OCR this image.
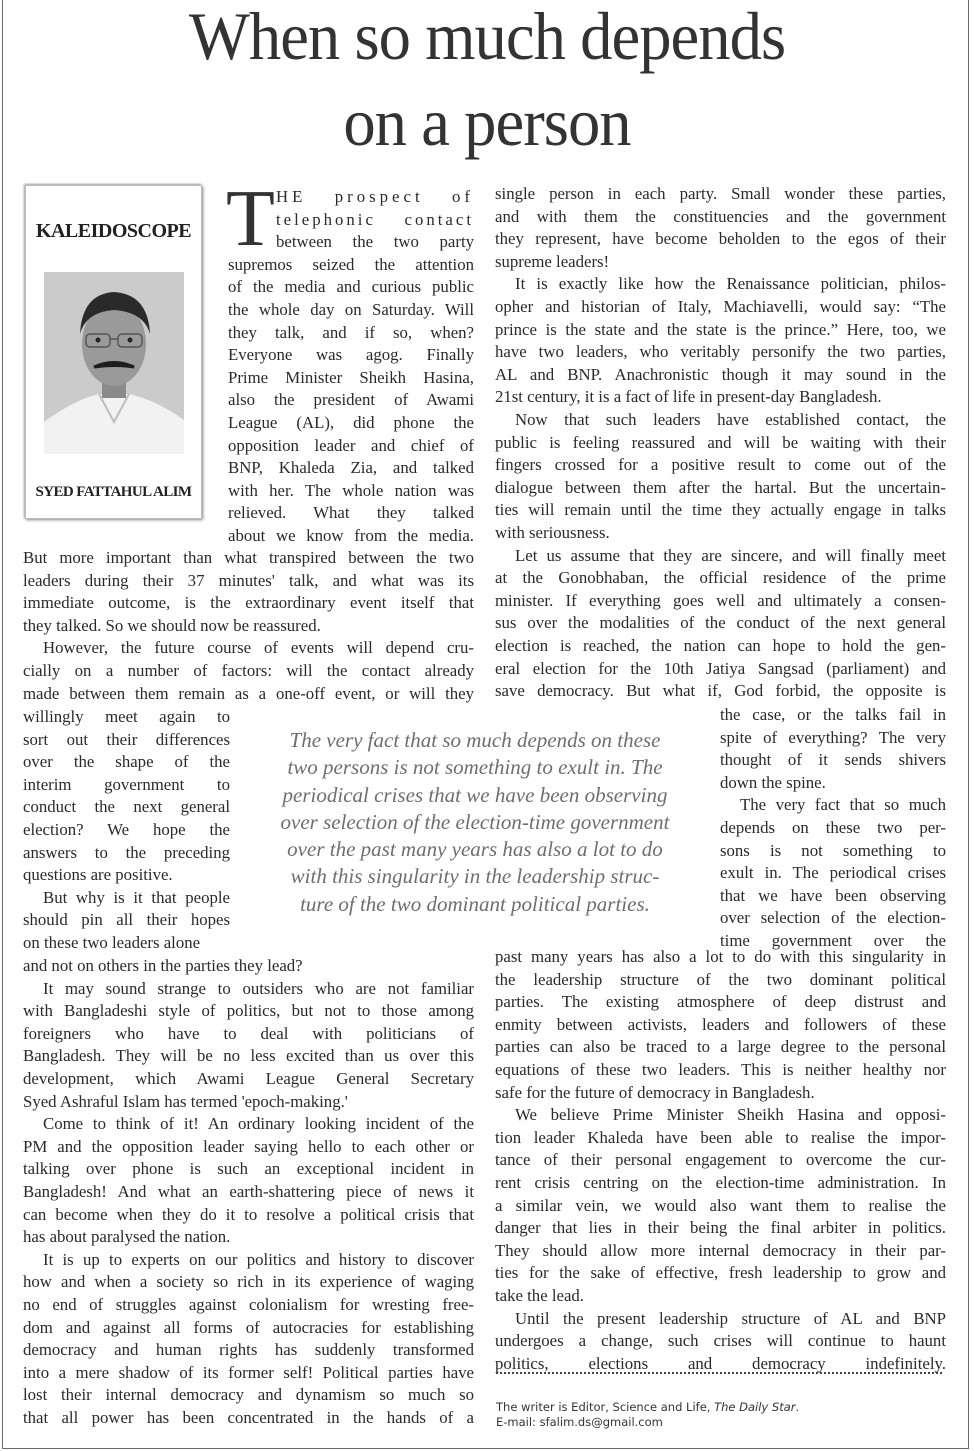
When so much depends
on a person
KALEIDOSCOPE
SYED FATTAHUL ALIM
T HE prospect of
telephonic contact
between the two party
supremos seized the attention
of the media and curious public
the whole day on Saturday. Will
they talk, and if so, when?
Everyone was agog. Finally
Prime Minister Sheikh Hasina,
also the president of Awami
League (AL), did phone the
opposition leader and chief of
BNP, Khaleda Zia, and talked
with her. The whole nation was
relieved. What they talked
about we know from the media.
But more important than what transpired between the two
leaders during their 37 minutes' talk, and what was its
immediate outcome, is the extraordinary event itself that
they talked. So we should now be reassured.
However, the future course of events will depend cru-
cially on a number of factors: will the contact already
made between them remain as a one-off event, or will they
willingly meet again to
sort out their differences
over the shape of the
interim government to
conduct the next general
election? We hope the
answers to the preceding
questions are positive.
But why is it that people
should pin all their hopes
on these two leaders alone
and not on others in the parties they lead?
It may sound strange to outsiders who are not familiar
with Bangladeshi style of politics, but not to those among
foreigners who have to deal with politicians of
Bangladesh. They will be no less excited than us over this
development, which Awami League General Secretary
Syed Ashraful Islam has termed 'epoch-making.'
Come to think of it! An ordinary looking incident of the
PM and the opposition leader saying hello to each other or
talking over phone is such an exceptional incident in
Bangladesh! And what an earth-shattering piece of news it
can become when they do it to resolve a political crisis that
has about paralysed the nation.
It is up to experts on our politics and history to discover
how and when a society so rich in its experience of waging
no end of struggles against colonialism for wresting free-
dom and against all forms of autocracies for establishing
democracy and human rights has suddenly transformed
into a mere shadow of its former self! Political parties have
lost their internal democracy and dynamism so much so
that all power has been concentrated in the hands of a
single person in each party. Small wonder these parties,
and with them the constituencies and the government
they represent, have become beholden to the egos of their
supreme leaders!
It is exactly like how the Renaissance politician, philos-
opher and historian of Italy, Machiavelli, would say: “The
prince is the state and the state is the prince.” Here, too, we
have two leaders, who veritably personify the two parties,
AL and BNP. Anachronistic though it may sound in the
21st century, it is a fact of life in present-day Bangladesh.
Now that such leaders have established contact, the
public is feeling reassured and will be waiting with their
fingers crossed for a positive result to come out of the
dialogue between them after the hartal. But the uncertain-
ties will remain until the time they actually engage in talks
with seriousness.
Let us assume that they are sincere, and will finally meet
at the Gonobhaban, the official residence of the prime
minister. If everything goes well and ultimately a consen-
sus over the modalities of the conduct of the next general
election is reached, the nation can hope to hold the gen-
eral election for the 10th Jatiya Sangsad (parliament) and
save democracy. But what if, God forbid, the opposite is
the case, or the talks fail in
spite of everything? The very
thought of it sends shivers
down the spine.
The very fact that so much
depends on these two per-
sons is not something to
exult in. The periodical crises
that we have been observing
over selection of the election-
time government over the
past many years has also a lot to do with this singularity in
the leadership structure of the two dominant political
parties. The existing atmosphere of deep distrust and
enmity between activists, leaders and followers of these
parties can also be traced to a large degree to the personal
equations of these two leaders. This is neither healthy nor
safe for the future of democracy in Bangladesh.
We believe Prime Minister Sheikh Hasina and opposi-
tion leader Khaleda have been able to realise the impor-
tance of their personal engagement to overcome the cur-
rent crisis centring on the election-time administration. In
a similar vein, we would also want them to realise the
danger that lies in their being the final arbiter in politics.
They should allow more internal democracy in their par-
ties for the sake of effective, fresh leadership to grow and
take the lead.
Until the present leadership structure of AL and BNP
undergoes a change, such crises will continue to haunt
politics, elections and democracy indefinitely.
The very fact that so much depends on these
two persons is not something to exult in. The
periodical crises that we have been observing
over selection of the election-time government
over the past many years has also a lot to do
with this singularity in the leadership struc-
ture of the two dominant political parties.
The writer is Editor, Science and Life, The Daily Star.
E-mail: sfalim.ds@gmail.com
